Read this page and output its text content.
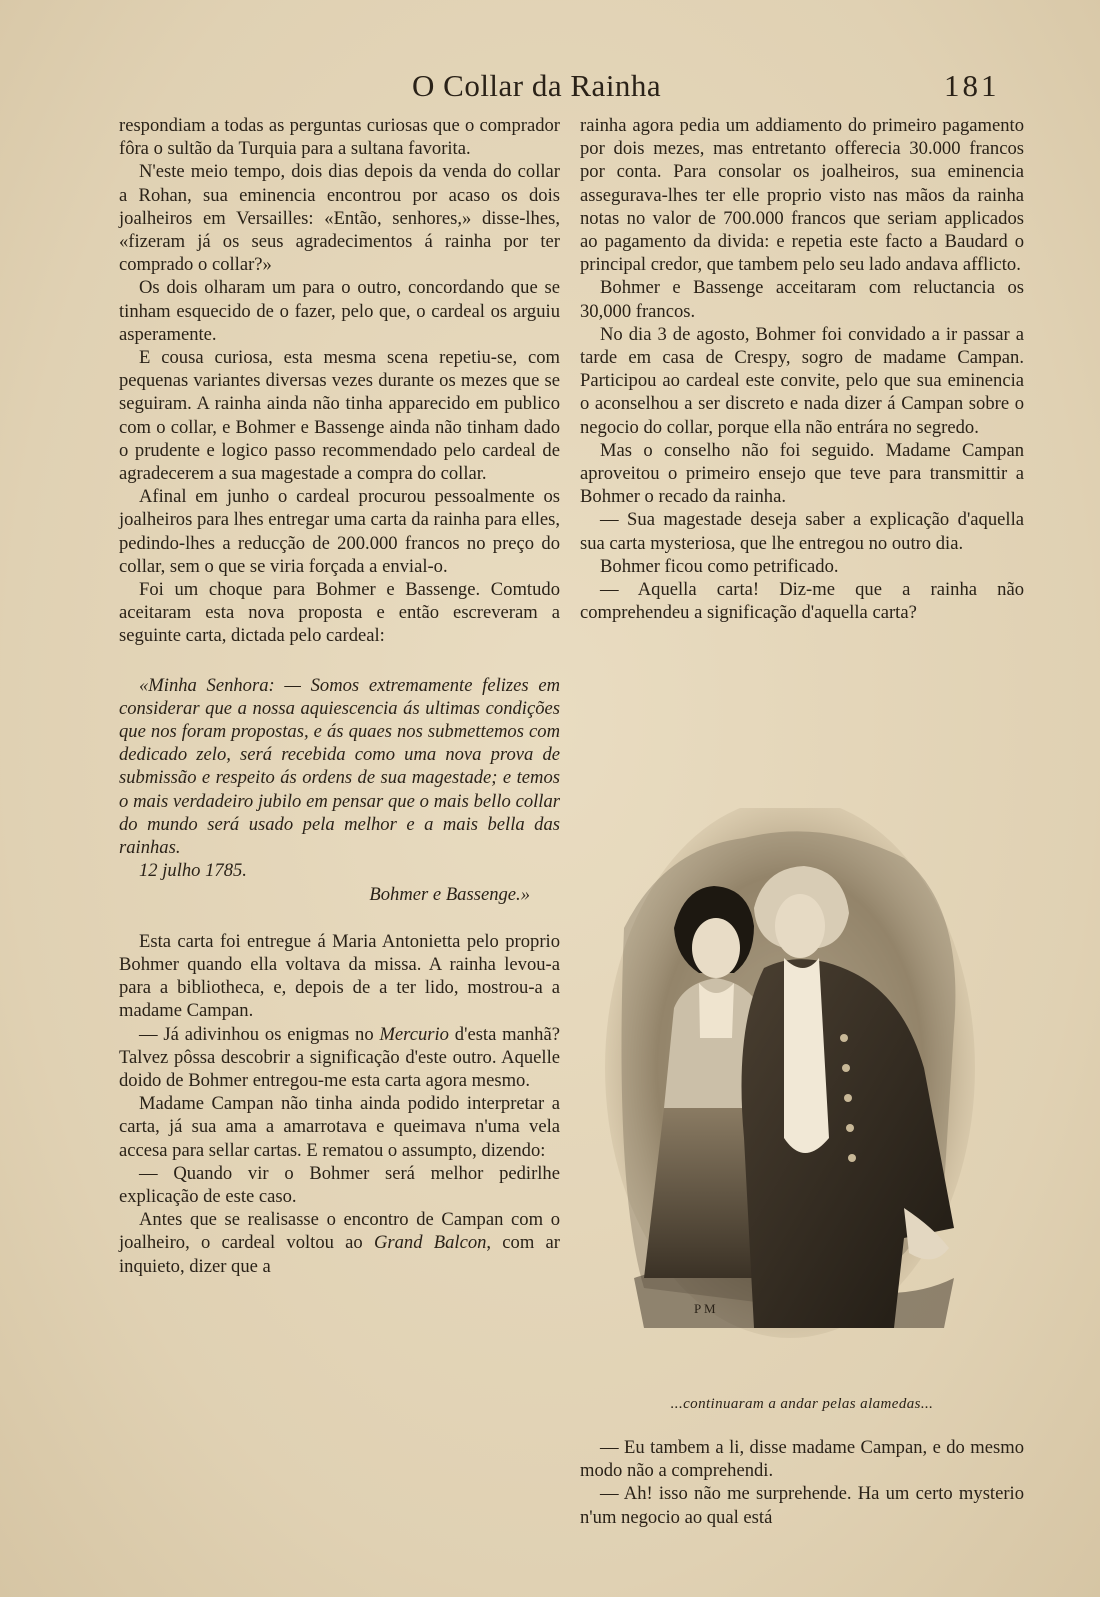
O Collar da Rainha	181

respondiam a todas as perguntas curiosas que o comprador fôra o sultão da Turquia para a sultana favorita.

N'este meio tempo, dois dias depois da venda do collar a Rohan, sua eminencia encontrou por acaso os dois joalheiros em Versailles: «Então, senhores,» disse-lhes, «fizeram já os seus agradecimentos á rainha por ter comprado o collar?»

Os dois olharam um para o outro, concordando que se tinham esquecido de o fazer, pelo que, o cardeal os arguiu asperamente.

E cousa curiosa, esta mesma scena repetiu-se, com pequenas variantes diversas vezes durante os mezes que se seguiram. A rainha ainda não tinha apparecido em publico com o collar, e Bohmer e Bassenge ainda não tinham dado o prudente e logico passo recommendado pelo cardeal de agradecerem a sua magestade a compra do collar.

Afinal em junho o cardeal procurou pessoalmente os joalheiros para lhes entregar uma carta da rainha para elles, pedindo-lhes a reducção de 200.000 francos no preço do collar, sem o que se viria forçada a envial-o.

Foi um choque para Bohmer e Bassenge. Comtudo aceitaram esta nova proposta e então escreveram a seguinte carta, dictada pelo cardeal:

«Minha Senhora: — Somos extremamente felizes em considerar que a nossa aquiescencia ás ultimas condições que nos foram propostas, e ás quaes nos submettemos com dedicado zelo, será recebida como uma nova prova de submissão e respeito ás ordens de sua magestade; e temos o mais verdadeiro jubilo em pensar que o mais bello collar do mundo será usado pela melhor e a mais bella das rainhas.

12 julho 1785.

Bohmer e Bassenge.»

Esta carta foi entregue á Maria Antonietta pelo proprio Bohmer quando ella voltava da missa. A rainha levou-a para a bibliotheca, e, depois de a ter lido, mostrou-a a madame Campan.

— Já adivinhou os enigmas no Mercurio d'esta manhã? Talvez pôssa descobrir a significação d'este outro. Aquelle doido de Bohmer entregou-me esta carta agora mesmo.

Madame Campan não tinha ainda podido interpretar a carta, já sua ama a amarrotava e queimava n'uma vela accesa para sellar cartas. E rematou o assumpto, dizendo:

— Quando vir o Bohmer será melhor pedirlhe explicação de este caso.

Antes que se realisasse o encontro de Campan com o joalheiro, o cardeal voltou ao Grand Balcon, com ar inquieto, dizer que a

rainha agora pedia um addiamento do primeiro pagamento por dois mezes, mas entretanto offerecia 30.000 francos por conta. Para consolar os joalheiros, sua eminencia assegurava-lhes ter elle proprio visto nas mãos da rainha notas no valor de 700.000 francos que seriam applicados ao pagamento da divida: e repetia este facto a Baudard o principal credor, que tambem pelo seu lado andava afflicto.

Bohmer e Bassenge acceitaram com reluctancia os 30,000 francos.

No dia 3 de agosto, Bohmer foi convidado a ir passar a tarde em casa de Crespy, sogro de madame Campan. Participou ao cardeal este convite, pelo que sua eminencia o aconselhou a ser discreto e nada dizer á Campan sobre o negocio do collar, porque ella não entrára no segredo.

Mas o conselho não foi seguido. Madame Campan aproveitou o primeiro ensejo que teve para transmittir a Bohmer o recado da rainha.

— Sua magestade deseja saber a explicação d'aquella sua carta mysteriosa, que lhe entregou no outro dia.

Bohmer ficou como petrificado.

— Aquella carta! Diz-me que a rainha não comprehendeu a significação d'aquella carta?

P M
...continuaram a andar pelas alamedas...

— Eu tambem a li, disse madame Campan, e do mesmo modo não a comprehendi.

— Ah! isso não me surprehende. Ha um certo mysterio n'um negocio ao qual está
